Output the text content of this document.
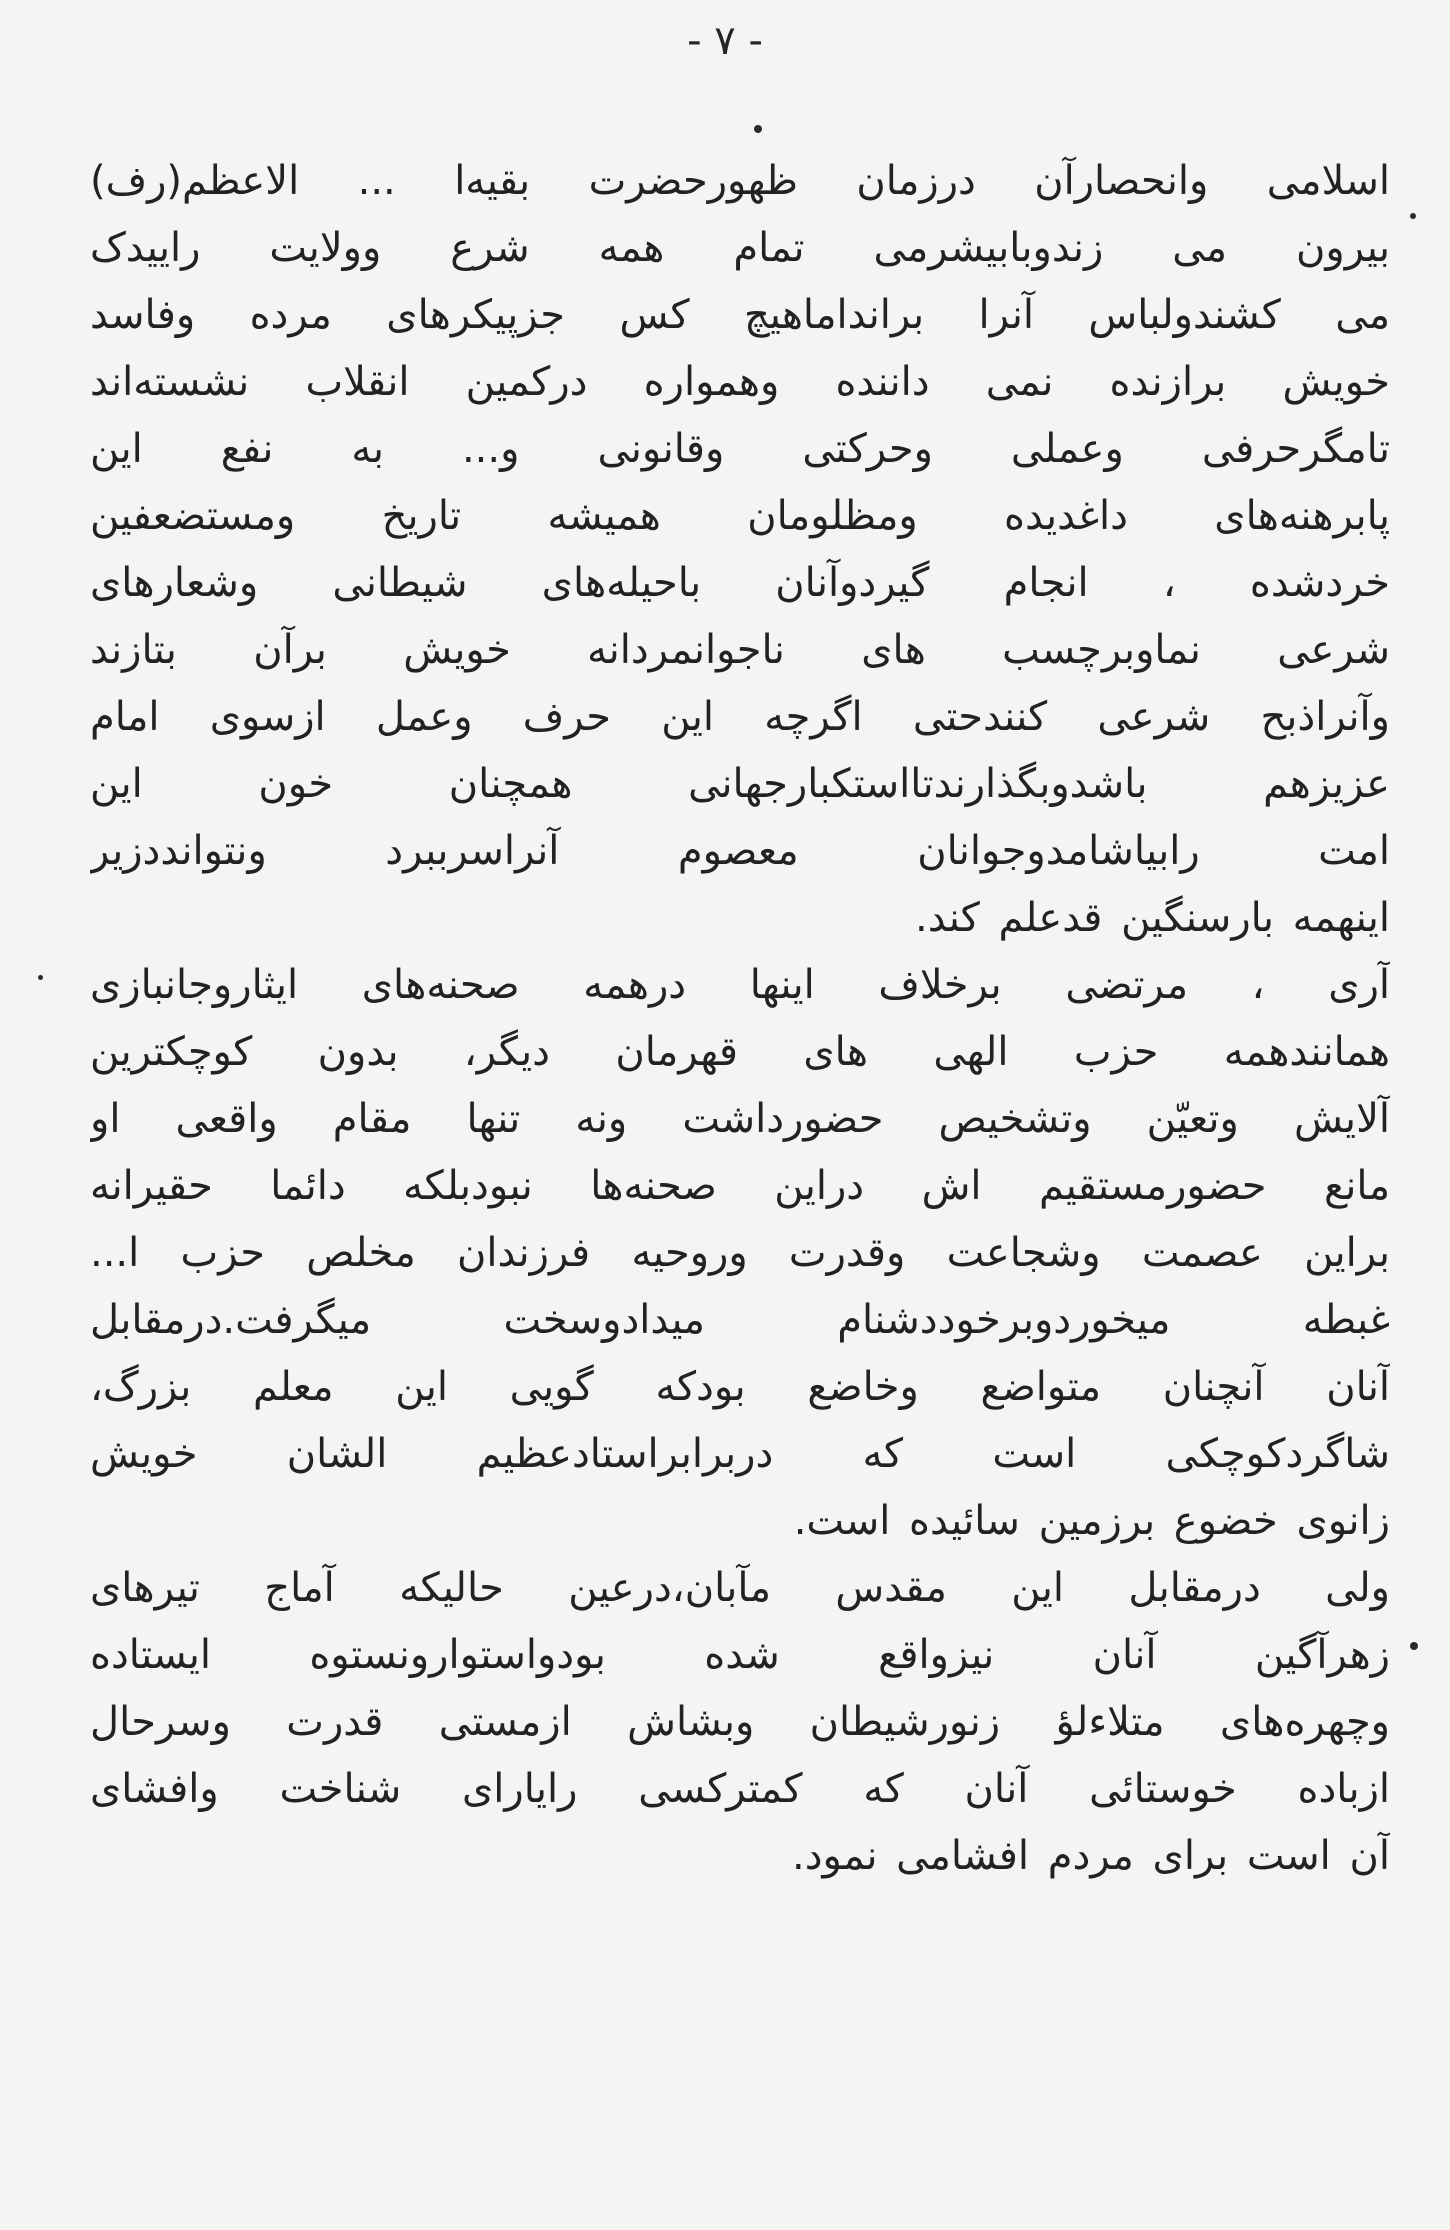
- ۷ -
اسلامی وانحصارآن درزمان ظهورحضرت بقیه‌ا ... الاعظم(رف)
بیرون می زندوبابیشرمی تمام همه شرع وولایت راییدک
می کشندولباس آنرا برانداماهیچ کس جزپیکرهای مرده وفاسد
خویش برازنده نمی داننده وهمواره درکمین انقلاب نشسته‌اند
تامگرحرفی وعملی وحرکتی وقانونی و... به نفع این
پابرهنه‌های داغدیده ومظلومان همیشه تاریخ ومستضعفین
خردشده ، انجام گیردوآنان باحیله‌های شیطانی وشعارهای
شرعی نماوبرچسب های ناجوانمردانه خویش برآن بتازند
وآنراذبح شرعی کنندحتی اگرچه این حرف وعمل ازسوی امام
عزیزهم باشدوبگذارندتااستکبارجهانی همچنان خون این
امت رابیاشامدوجوانان معصوم آنراسرببرد ونتوانددزیر
اینهمه بارسنگین قدعلم کند.
آری ، مرتضی برخلاف اینها درهمه صحنه‌های ایثاروجانبازی
همانندهمه حزب الهی های قهرمان دیگر، بدون کوچکترین
آلایش وتعیّن وتشخیص حضورداشت ونه تنها مقام واقعی او
مانع حضورمستقیم اش دراین صحنه‌ها نبودبلکه دائما حقیرانه
براین عصمت وشجاعت وقدرت وروحیه فرزندان مخلص حزب ا...
غبطه میخوردوبرخوددشنام میدادوسخت میگرفت.درمقابل
آنان آنچنان متواضع وخاضع بودکه گویی این معلم بزرگ،
شاگردکوچکی است که دربرابراستادعظیم الشان خویش
زانوی خضوع برزمین سائیده است.
ولی درمقابل این مقدس مآبان،درعین حالیکه آماج تیرهای
زهرآگین آنان نیزواقع شده بودواستوارونستوه ایستاده
وچهره‌های متلاءلؤ زنورشیطان وبشاش ازمستی قدرت وسرحال
ازباده خوستائی آنان که کمترکسی رایارای شناخت وافشای
آن است برای مردم افشامی نمود.
